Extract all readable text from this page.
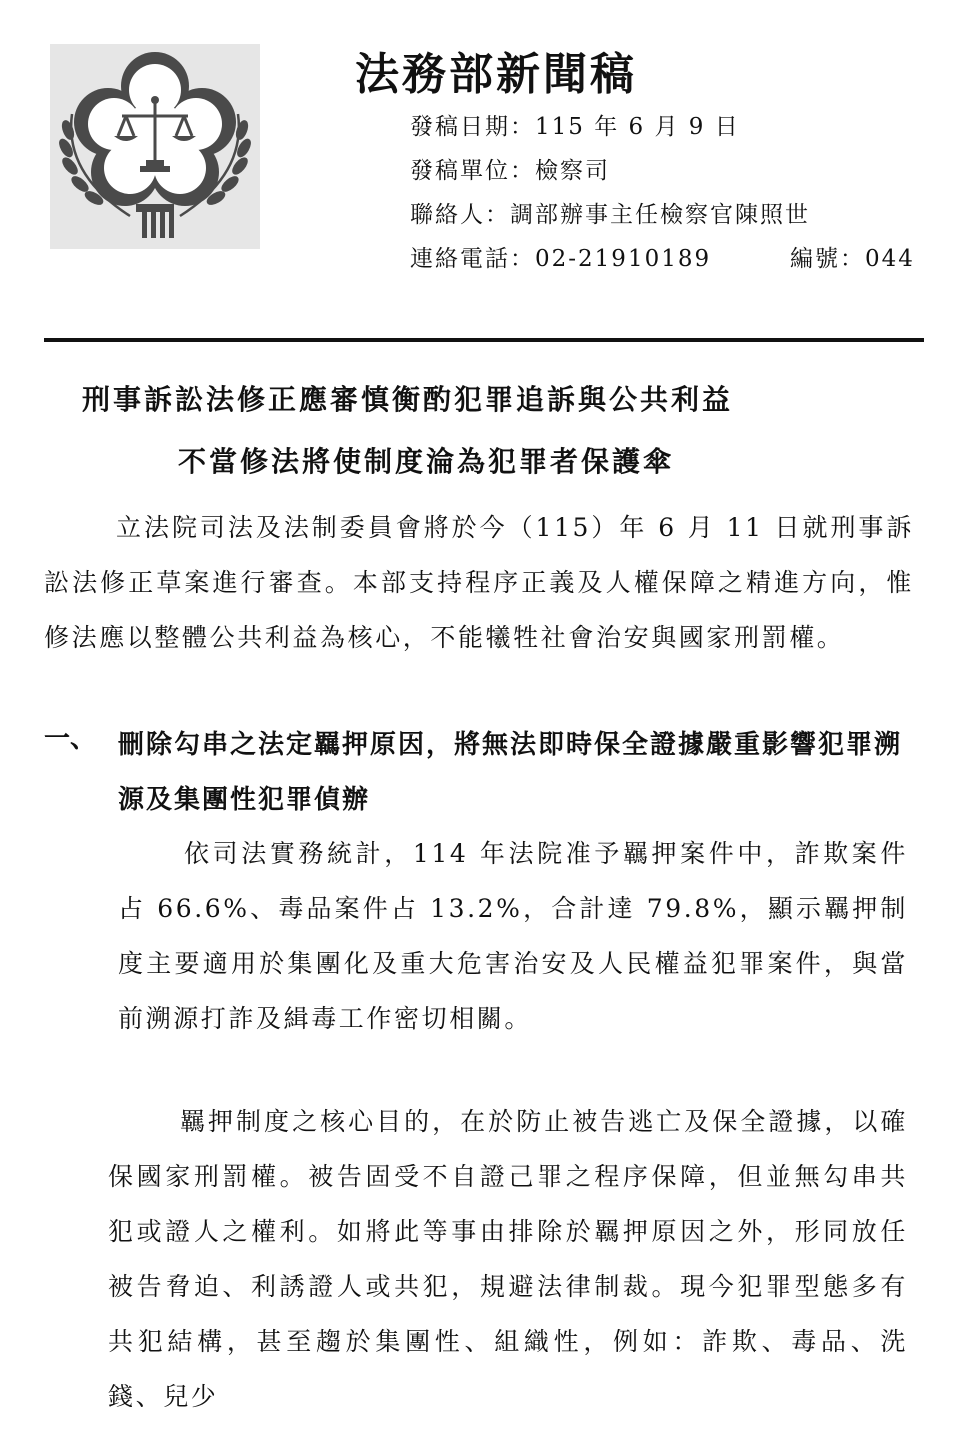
法務部新聞稿
發稿日期：115 年 6 月 9 日
發稿單位：檢察司
聯絡人：調部辦事主任檢察官陳照世
連絡電話：02-21910189	編號：044
刑事訴訟法修正應審慎衡酌犯罪追訴與公共利益
不當修法將使制度淪為犯罪者保護傘

立法院司法及法制委員會將於今（115）年 6 月 11 日就刑事訴訟法修正草案進行審查。本部支持程序正義及人權保障之精進方向，惟修法應以整體公共利益為核心，不能犧牲社會治安與國家刑罰權。

一、 刪除勾串之法定羈押原因，將無法即時保全證據嚴重影響犯罪溯源及集團性犯罪偵辦

依司法實務統計，114 年法院准予羈押案件中，詐欺案件占 66.6%、毒品案件占 13.2%，合計達 79.8%，顯示羈押制度主要適用於集團化及重大危害治安及人民權益犯罪案件，與當前溯源打詐及緝毒工作密切相關。

羈押制度之核心目的，在於防止被告逃亡及保全證據，以確保國家刑罰權。被告固受不自證己罪之程序保障，但並無勾串共犯或證人之權利。如將此等事由排除於羈押原因之外，形同放任被告脅迫、利誘證人或共犯，規避法律制裁。現今犯罪型態多有共犯結構，甚至趨於集團性、組織性，例如：詐欺、毒品、洗錢、兒少
